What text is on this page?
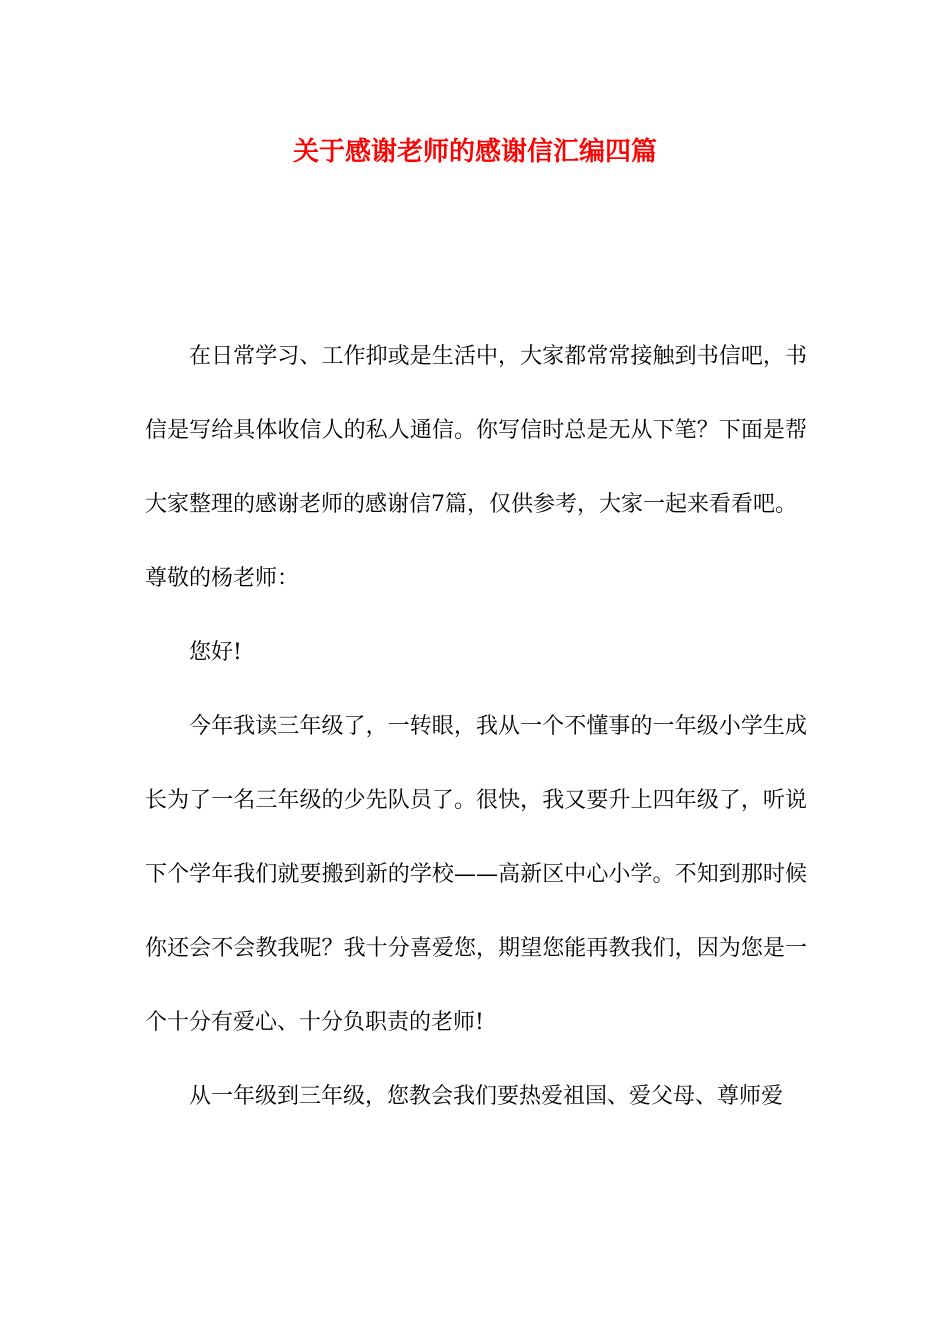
关于感谢老师的感谢信汇编四篇

在日常学习、工作抑或是生活中，大家都常常接触到书信吧，书信是写给具体收信人的私人通信。你写信时总是无从下笔？下面是帮大家整理的感谢老师的感谢信7篇，仅供参考，大家一起来看看吧。

尊敬的杨老师：

您好!

今年我读三年级了，一转眼，我从一个不懂事的一年级小学生成长为了一名三年级的少先队员了。很快，我又要升上四年级了，听说下个学年我们就要搬到新的学校——高新区中心小学。不知到那时候你还会不会教我呢？我十分喜爱您，期望您能再教我们，因为您是一个十分有爱心、十分负职责的老师!

从一年级到三年级，您教会我们要热爱祖国、爱父母、尊师爱
